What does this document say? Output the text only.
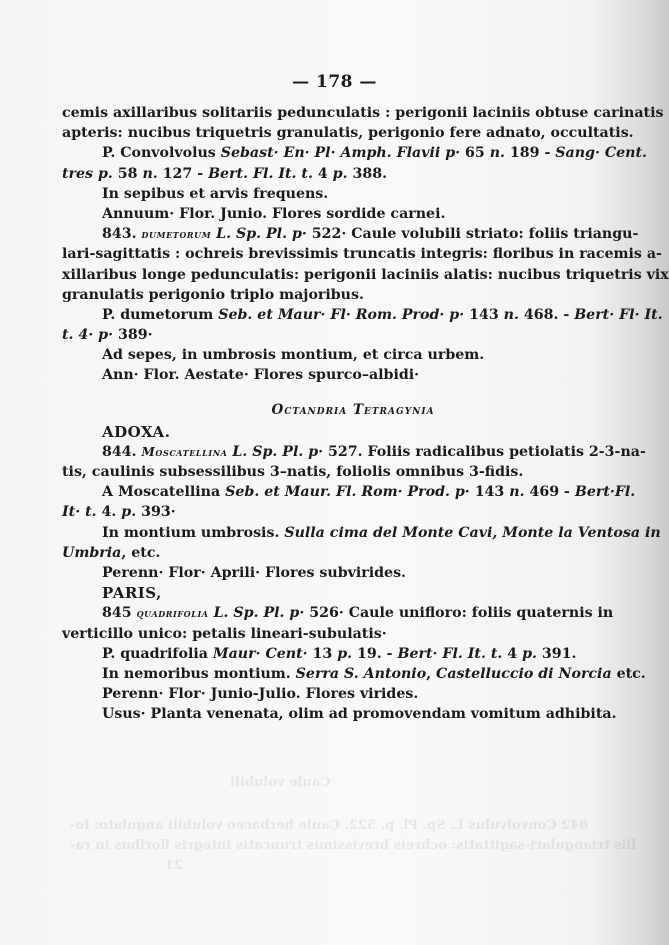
— 178 —
cemis axillaribus solitariis pedunculatis : perigonii laciniis obtuse carinatis
apteris: nucibus triquetris granulatis, perigonio fere adnato, occultatis.
P. Convolvolus Sebast· En· Pl· Amph. Flavii p· 65 n. 189 - Sang· Cent.
tres p. 58 n. 127 - Bert. Fl. It. t. 4 p. 388.
In sepibus et arvis frequens.
Annuum· Flor. Junio. Flores sordide carnei.
843. dumetorum L. Sp. Pl. p· 522· Caule volubili striato: foliis triangu-
lari-sagittatis : ochreis brevissimis truncatis integris: floribus in racemis a-
xillaribus longe pedunculatis: perigonii laciniis alatis: nucibus triquetris vix
granulatis perigonio triplo majoribus.
P. dumetorum Seb. et Maur· Fl· Rom. Prod· p· 143 n. 468. - Bert· Fl· It.
t. 4· p· 389·
Ad sepes, in umbrosis montium, et circa urbem.
Ann· Flor. Aestate· Flores spurco–albidi·
Octandria Tetragynia
ADOXA.
844. Moscatellina L. Sp. Pl. p· 527. Foliis radicalibus petiolatis 2-3-na-
tis, caulinis subsessilibus 3–natis, foliolis omnibus 3-fidis.
A Moscatellina Seb. et Maur. Fl. Rom· Prod. p· 143 n. 469 - Bert·Fl.
It· t. 4. p. 393·
In montium umbrosis. Sulla cima del Monte Cavi, Monte la Ventosa in
Umbria, etc.
Perenn· Flor· Aprili· Flores subvirides.
PARIS,
845 quadrifolia L. Sp. Pl. p· 526· Caule unifloro: foliis quaternis in
verticillo unico: petalis lineari-subulatis·
P. quadrifolia Maur· Cent· 13 p. 19. - Bert· Fl. It. t. 4 p. 391.
In nemoribus montium. Serra S. Antonio, Castelluccio di Norcia etc.
Perenn· Flor· Junio-Julio. Flores virides.
Usus· Planta venenata, olim ad promovendam vomitum adhibita.
Caule volubili
842 Convolvulus L. Sp. Pl. p. 522. Caule herbaceo volubili angulato: fo-
liis triangulari-sagittatis: ochreis brevissimis truncatis integris floribus in ra-
21
